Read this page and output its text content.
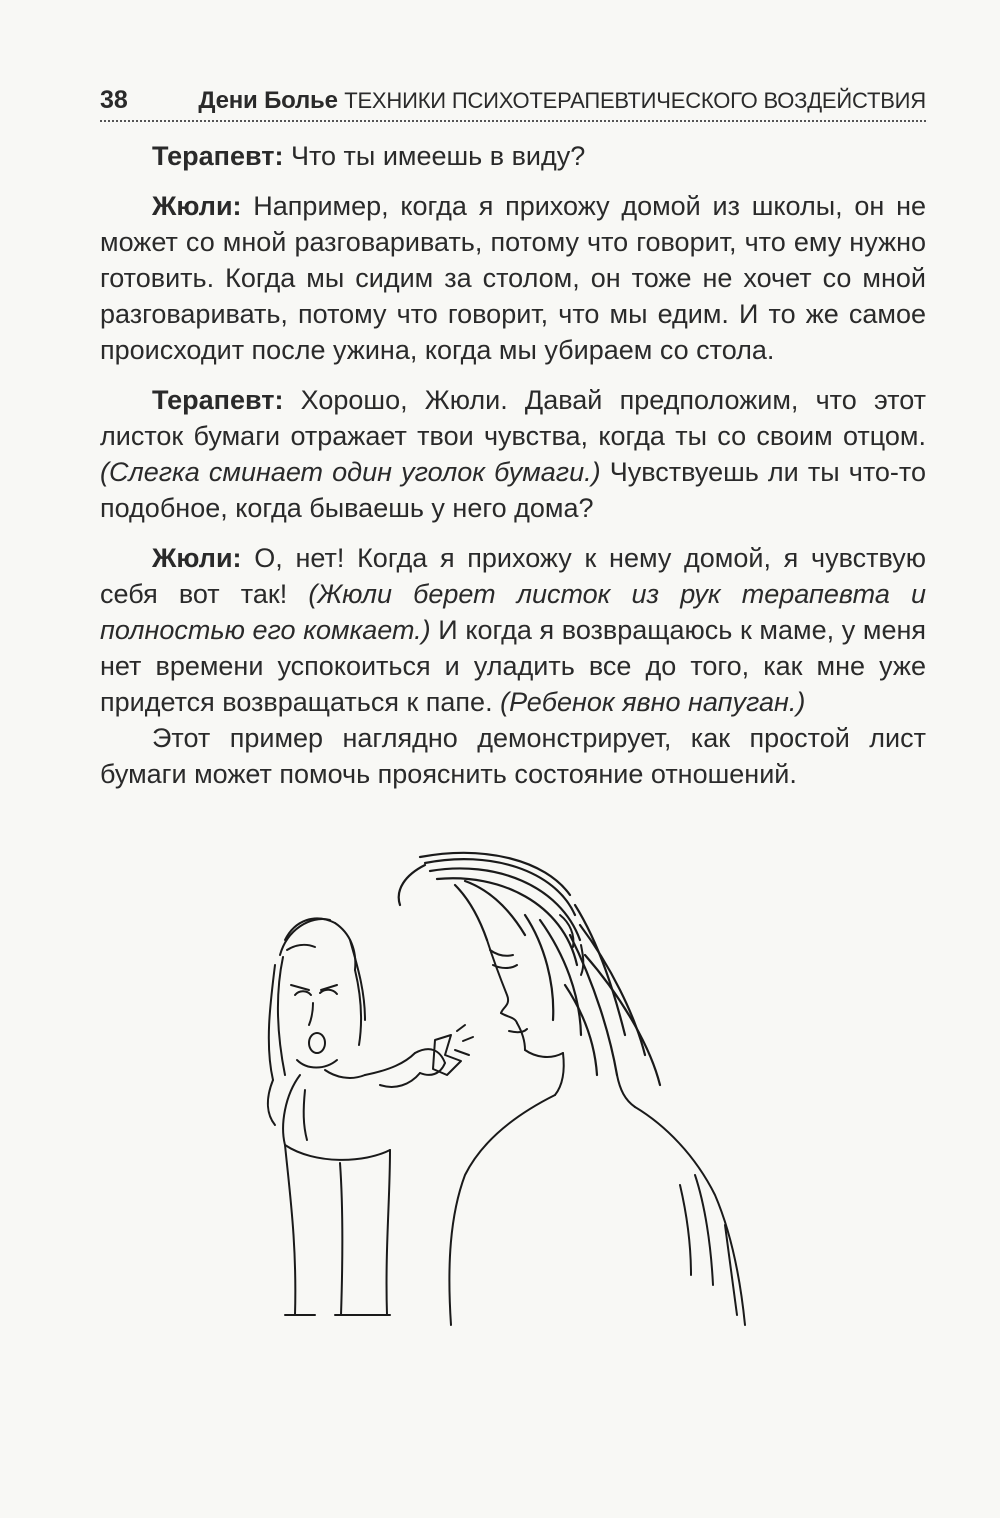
38	Дени Болье ТЕХНИКИ ПСИХОТЕРАПЕВТИЧЕСКОГО ВОЗДЕЙСТВИЯ

Терапевт: Что ты имеешь в виду?

Жюли: Например, когда я прихожу домой из школы, он не может со мной разговаривать, потому что говорит, что ему нужно готовить. Когда мы сидим за столом, он тоже не хочет со мной разговаривать, потому что говорит, что мы едим. И то же самое происходит после ужина, когда мы убираем со стола.

Терапевт: Хорошо, Жюли. Давай предположим, что этот листок бумаги отражает твои чувства, когда ты со своим отцом. (Слегка сминает один уголок бумаги.) Чувствуешь ли ты что-то подобное, когда бываешь у него дома?

Жюли: О, нет! Когда я прихожу к нему домой, я чувствую себя вот так! (Жюли берет листок из рук терапевта и полностью его комкает.) И когда я возвращаюсь к маме, у меня нет времени успокоиться и уладить все до того, как мне уже придется возвращаться к папе. (Ребенок явно напуган.)

Этот пример наглядно демонстрирует, как простой лист бумаги может помочь прояснить состояние отношений.
